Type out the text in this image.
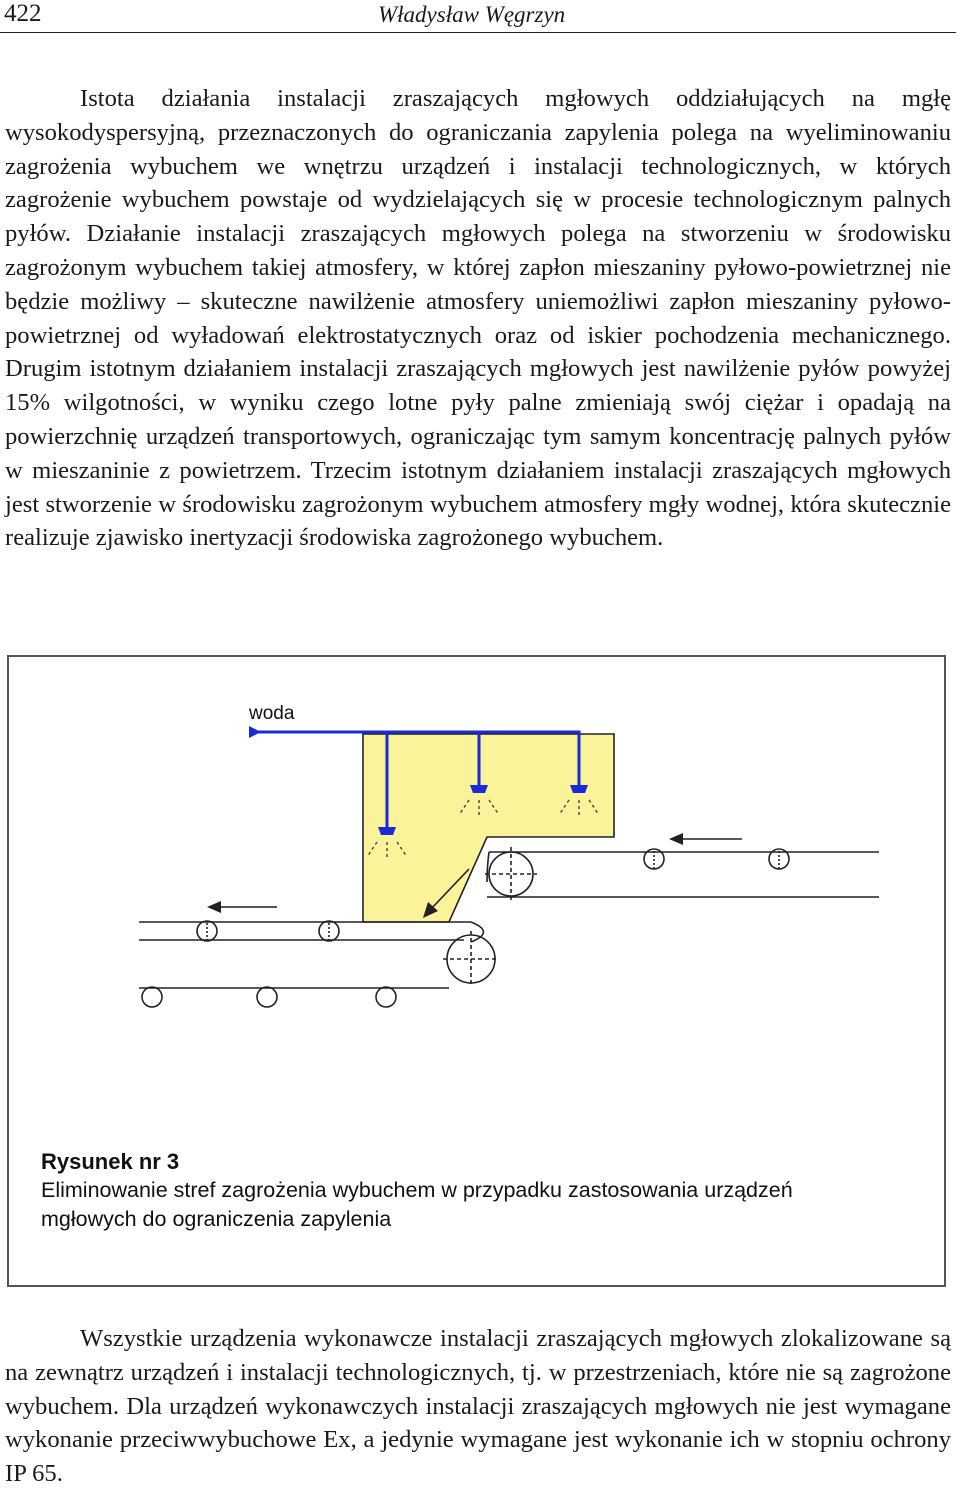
422	Władysław Węgrzyn

Istota działania instalacji zraszających mgłowych oddziałujących na mgłę wysokodyspersyjną, przeznaczonych do ograniczania zapylenia polega na wyeliminowaniu zagrożenia wybuchem we wnętrzu urządzeń i instalacji technologicznych, w których zagrożenie wybuchem powstaje od wydzielających się w procesie technologicznym palnych pyłów. Działanie instalacji zraszających mgłowych polega na stworzeniu w środowisku zagrożonym wybuchem takiej atmosfery, w której zapłon mieszaniny pyłowo-powietrznej nie będzie możliwy – skuteczne nawilżenie atmosfery uniemożliwi zapłon mieszaniny pyłowopowietrznej od wyładowań elektrostatycznych oraz od iskier pochodzenia mechanicznego. Drugim istotnym działaniem instalacji zraszających mgłowych jest nawilżenie pyłów powyżej 15% wilgotności, w wyniku czego lotne pyły palne zmieniają swój ciężar i opadają na powierzchnię urządzeń transportowych, ograniczając tym samym koncentrację palnych pyłów w mieszaninie z powietrzem. Trzecim istotnym działaniem instalacji zraszających mgłowych jest stworzenie w środowisku zagrożonym wybuchem atmosfery mgły wodnej, która skutecznie realizuje zjawisko inertyzacji środowiska zagrożonego wybuchem.

woda
Rysunek nr 3
Eliminowanie stref zagrożenia wybuchem w przypadku zastosowania urządzeń
mgłowych do ograniczenia zapylenia

Wszystkie urządzenia wykonawcze instalacji zraszających mgłowych zlokalizowane są na zewnątrz urządzeń i instalacji technologicznych, tj. w przestrzeniach, które nie są zagrożone wybuchem. Dla urządzeń wykonawczych instalacji zraszających mgłowych nie jest wymagane wykonanie przeciwwybuchowe Ex, a jedynie wymagane jest wykonanie ich w stopniu ochrony IP 65.
